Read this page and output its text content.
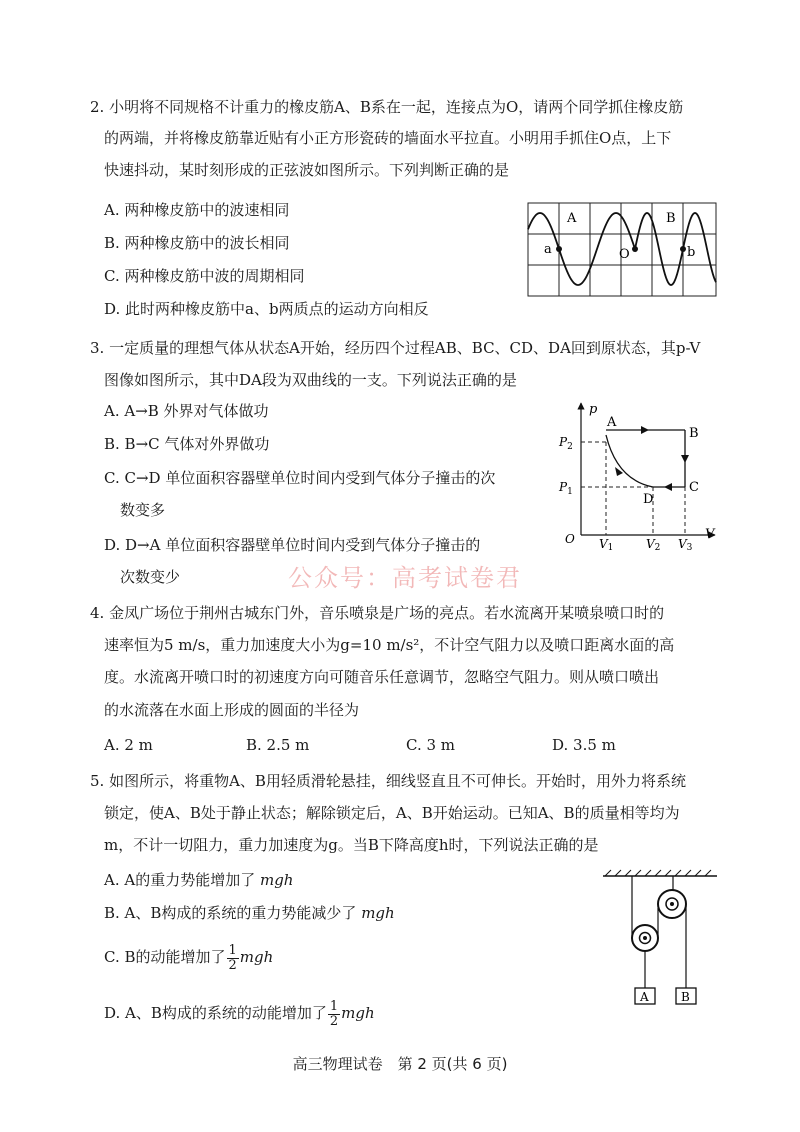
2. 小明将不同规格不计重力的橡皮筋A、B系在一起，连接点为O，请两个同学抓住橡皮筋
的两端，并将橡皮筋靠近贴有小正方形瓷砖的墙面水平拉直。小明用手抓住O点，上下
快速抖动，某时刻形成的正弦波如图所示。下列判断正确的是
A. 两种橡皮筋中的波速相同
B. 两种橡皮筋中的波长相同
C. 两种橡皮筋中波的周期相同
D. 此时两种橡皮筋中a、b两质点的运动方向相反
A	B
a	O	b
3. 一定质量的理想气体从状态A开始，经历四个过程AB、BC、CD、DA回到原状态，其p-V
图像如图所示，其中DA段为双曲线的一支。下列说法正确的是
A. A→B 外界对气体做功
B. B→C 气体对外界做功
C. C→D 单位面积容器壁单位时间内受到气体分子撞击的次
数变多
D. D→A 单位面积容器壁单位时间内受到气体分子撞击的
次数变少
p
V
O
A
B
C
D
$P_2$
$P_1$
V1	V2 V3
公众号：高考试卷君
4. 金凤广场位于荆州古城东门外，音乐喷泉是广场的亮点。若水流离开某喷泉喷口时的
速率恒为5 m/s，重力加速度大小为g=10 m/s²，不计空气阻力以及喷口距离水面的高
度。水流离开喷口时的初速度方向可随音乐任意调节，忽略空气阻力。则从喷口喷出
的水流落在水面上形成的圆面的半径为
A. 2 m	B. 2.5 m	C. 3 m	D. 3.5 m
5. 如图所示，将重物A、B用轻质滑轮悬挂，细线竖直且不可伸长。开始时，用外力将系统
锁定，使A、B处于静止状态；解除锁定后，A、B开始运动。已知A、B的质量相等均为
m，不计一切阻力，重力加速度为g。当B下降高度h时，下列说法正确的是
A. A的重力势能增加了 mgh
B. A、B构成的系统的重力势能减少了 mgh
C. B的动能增加了 $\frac{1}{2}$ mgh
D. A、B构成的系统的动能增加了 $\frac{1}{2}$ mgh
A	B
高三物理试卷　第 2 页(共 6 页)
